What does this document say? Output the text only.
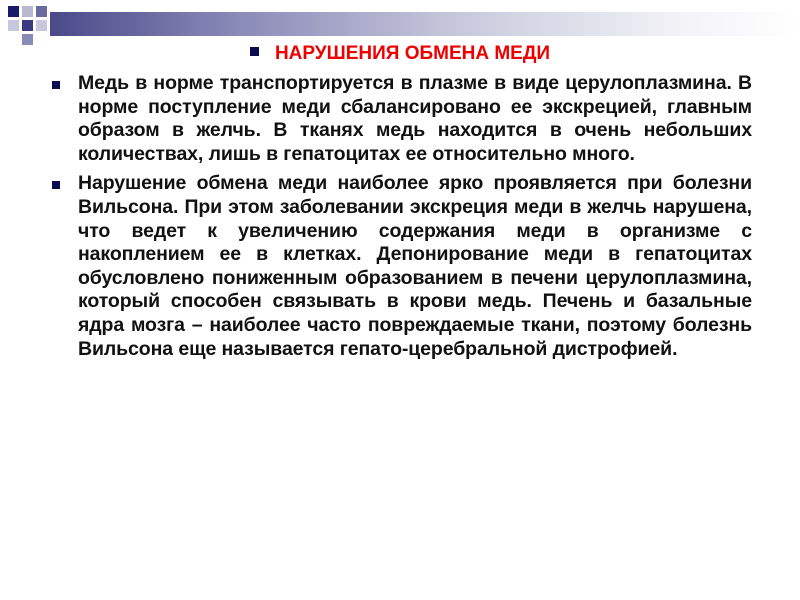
НАРУШЕНИЯ ОБМЕНА МЕДИ
Медь в норме транспортируется в плазме в виде церулоплазмина. В норме поступление меди сбалансировано ее экскрецией, главным образом в желчь. В тканях медь находится в очень небольших количествах, лишь в гепатоцитах ее относительно много.
Нарушение обмена меди наиболее ярко проявляется при болезни Вильсона. При этом заболевании экскреция меди в желчь нарушена, что ведет к увеличению содержания меди в организме с накоплением ее в клетках. Депонирование меди в гепатоцитах обусловлено пониженным образованием в печени церулоплазмина, который способен связывать в крови медь. Печень и базальные ядра мозга – наиболее часто повреждаемые ткани, поэтому болезнь Вильсона еще называется гепато-церебральной дистрофией.
